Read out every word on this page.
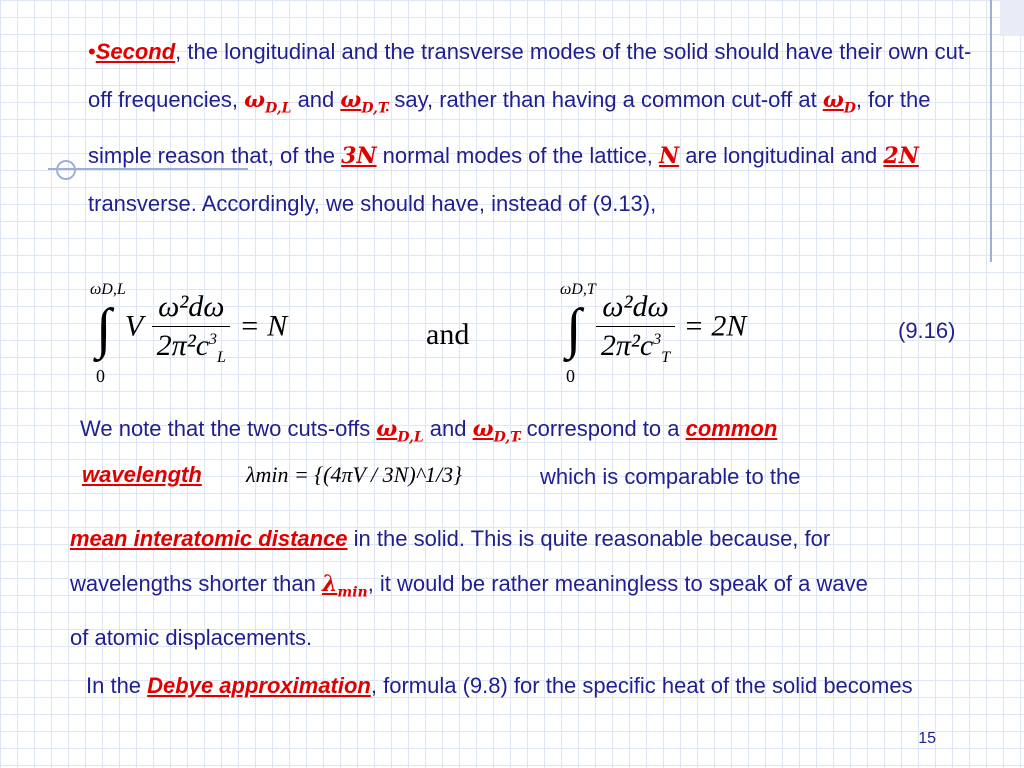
•Second, the longitudinal and the transverse modes of the solid should have their own cut-off frequencies, $\omega_{D,L}$ and $\omega_{D,T}$ say, rather than having a common cut-off at $\omega_D$, for the simple reason that, of the 3N normal modes of the lattice, N are longitudinal and 2N transverse. Accordingly, we should have, instead of (9.13),
∫
ωD,L
0
V $\frac{\text{ω²dω}}{2\pi^2c^3_L} = N$	and ∫
ωD,T
0

$\frac{\text{ω²dω}}{2\pi^2c^3_T} = 2N$	(9.16)
We note that the two cuts-offs $\omega_{D,L}$ and $\omega_{D,T}$ correspond to a common
wavelength λmin = {(4πV / 3N)^1/3}	which is comparable to the
mean interatomic distance in the solid. This is quite reasonable because, for wavelengths shorter than $\lambda_{min}$, it would be rather meaningless to speak of a wave of atomic displacements.
In the Debye approximation, formula (9.8) for the specific heat of the solid becomes
15
